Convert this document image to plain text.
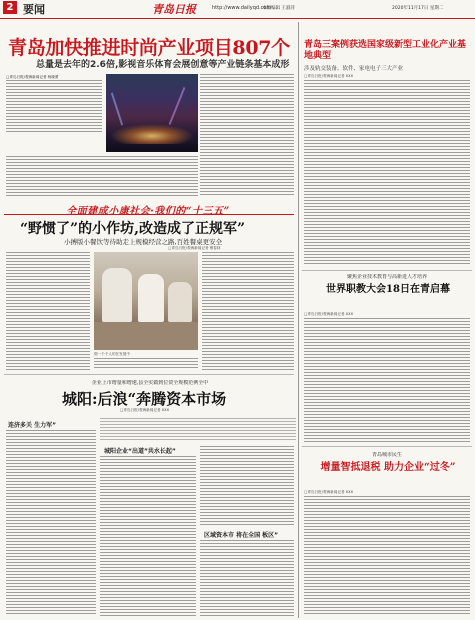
2 要闻	青岛日报	http://www.dailyqd.com
本版编辑 王淑萍	2020年11月17日 星期二
青岛加快推进时尚产业项目807个
总量是去年的2.6倍,影视音乐体育会展创意等产业链条基本成形
□青岛日报/观海新闻记者 杨晓勇
全面建成小康社会·我们的“十三五”
“野惯了”的小作坊,改造成了正规军”
小搏版小餐饮等待助走上规模经营之路,百姓餐桌更安全
□青岛日报/观海新闻记者 傅春林
图一个个人的在发展中
企业上市增量和增速,县全实做到位资全规模范例全中
城阳:后浪“奔腾资本市场
□青岛日报/观海新闻记者 XXX
连济多关 生力军”
城阳企业“出道”共水长起”
区域资本市 将在全国 板区”
青岛三案例获选国家级新型工业化产业基地典型
涉及轨交装备、软件、家电电子三大产业
□青岛日报/观海新闻记者 XXX
聚焦企业技术教育与高新进人才培养
世界职教大会18日在青启幕
□青岛日报/观海新闻记者 XXX
青岛城市民生
增量智抵退税 助力企业“过冬”
□青岛日报/观海新闻记者 XXX
